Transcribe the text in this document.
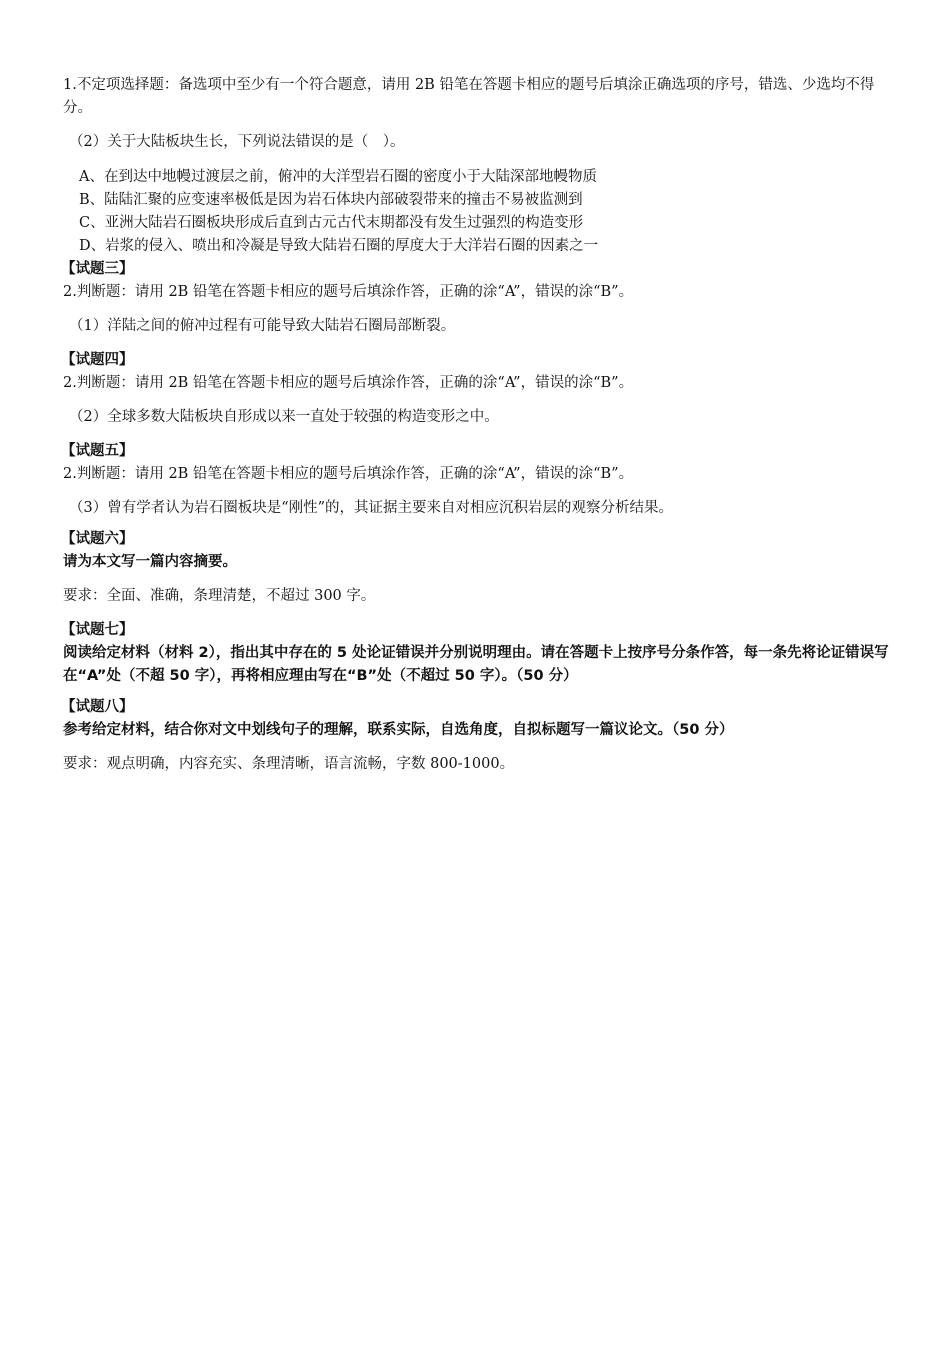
1.不定项选择题：备选项中至少有一个符合题意，请用 2B 铅笔在答题卡相应的题号后填涂正确选项的序号，错选、少选均不得分。

（2）关于大陆板块生长，下列说法错误的是（　）。

A、在到达中地幔过渡层之前，俯冲的大洋型岩石圈的密度小于大陆深部地幔物质

B、陆陆汇聚的应变速率极低是因为岩石体块内部破裂带来的撞击不易被监测到

C、亚洲大陆岩石圈板块形成后直到古元古代末期都没有发生过强烈的构造变形

D、岩浆的侵入、喷出和冷凝是导致大陆岩石圈的厚度大于大洋岩石圈的因素之一

【试题三】

2.判断题：请用 2B 铅笔在答题卡相应的题号后填涂作答，正确的涂“A”，错误的涂“B”。

（1）洋陆之间的俯冲过程有可能导致大陆岩石圈局部断裂。

【试题四】

2.判断题：请用 2B 铅笔在答题卡相应的题号后填涂作答，正确的涂“A”，错误的涂“B”。

（2）全球多数大陆板块自形成以来一直处于较强的构造变形之中。

【试题五】

2.判断题：请用 2B 铅笔在答题卡相应的题号后填涂作答，正确的涂“A”，错误的涂“B”。

（3）曾有学者认为岩石圈板块是“刚性”的，其证据主要来自对相应沉积岩层的观察分析结果。

【试题六】

请为本文写一篇内容摘要。

要求：全面、准确，条理清楚，不超过 300 字。

【试题七】

阅读给定材料（材料 2），指出其中存在的 5 处论证错误并分别说明理由。请在答题卡上按序号分条作答，每一条先将论证错误写在“A”处（不超 50 字），再将相应理由写在“B”处（不超过 50 字）。（50 分）

【试题八】

参考给定材料，结合你对文中划线句子的理解，联系实际，自选角度，自拟标题写一篇议论文。（50 分）

要求：观点明确，内容充实、条理清晰，语言流畅，字数 800-1000。
